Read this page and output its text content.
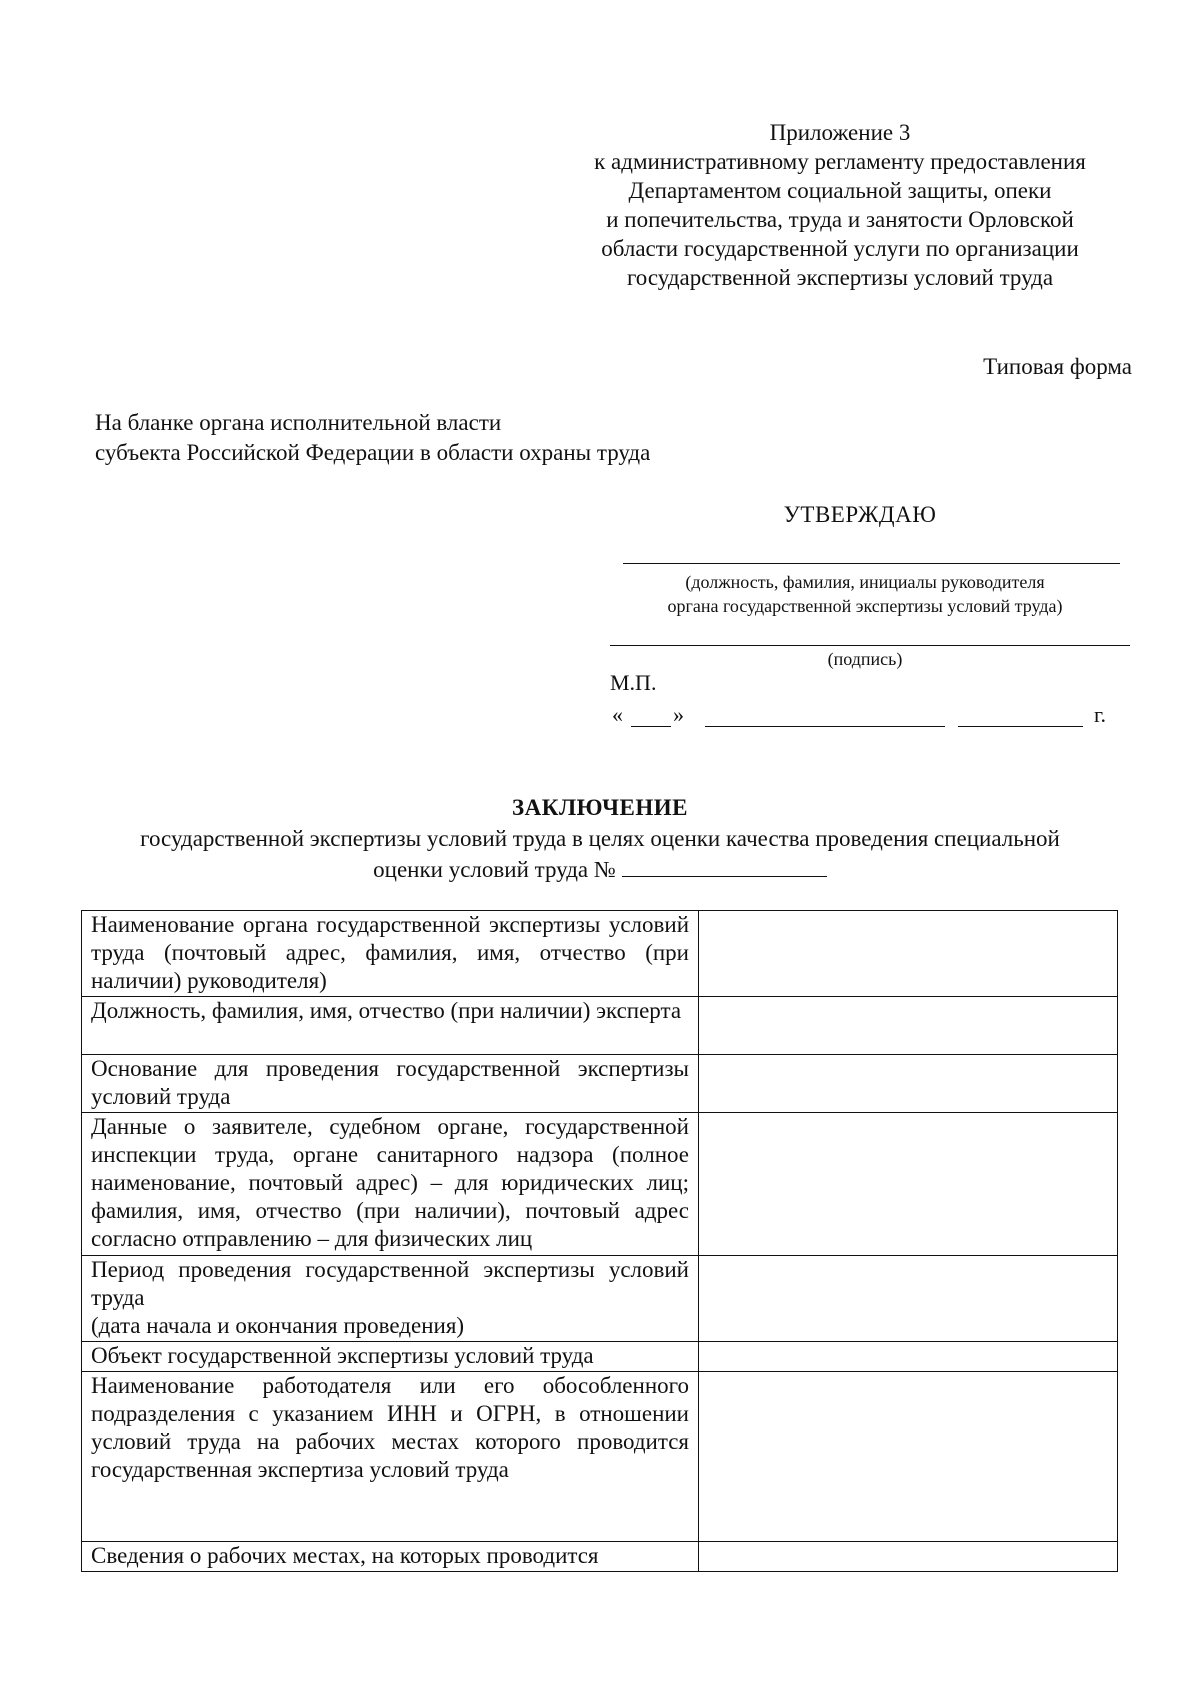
Приложение 3
к административному регламенту предоставления
Департаментом социальной защиты, опеки
и попечительства, труда и занятости Орловской
области государственной услуги по организации
государственной экспертизы условий труда
Типовая форма
На бланке органа исполнительной власти
субъекта Российской Федерации в области охраны труда
УТВЕРЖДАЮ
(должность, фамилия, инициалы руководителя
органа государственной экспертизы условий труда)
(подпись)
М.П.
« »	г.
ЗАКЛЮЧЕНИЕ
государственной экспертизы условий труда в целях оценки качества проведения специальной
оценки условий труда №
Наименование органа государственной экспертизы условий труда (почтовый адрес, фамилия, имя, отчество (при наличии) руководителя)	
Должность, фамилия, имя, отчество (при наличии) эксперта	
Основание для проведения государственной экспертизы условий труда	
Данные о заявителе, судебном органе, государственной инспекции труда, органе санитарного надзора (полное наименование, почтовый адрес) – для юридических лиц; фамилия, имя, отчество (при наличии), почтовый адрес согласно отправлению – для физических лиц	
Период проведения государственной экспертизы условий труда
(дата начала и окончания проведения)	
Объект государственной экспертизы условий труда	
Наименование работодателя или его обособленного подразделения с указанием ИНН и ОГРН, в отношении условий труда на рабочих местах которого проводится государственная экспертиза условий труда	
Сведения о рабочих местах, на которых проводится	
